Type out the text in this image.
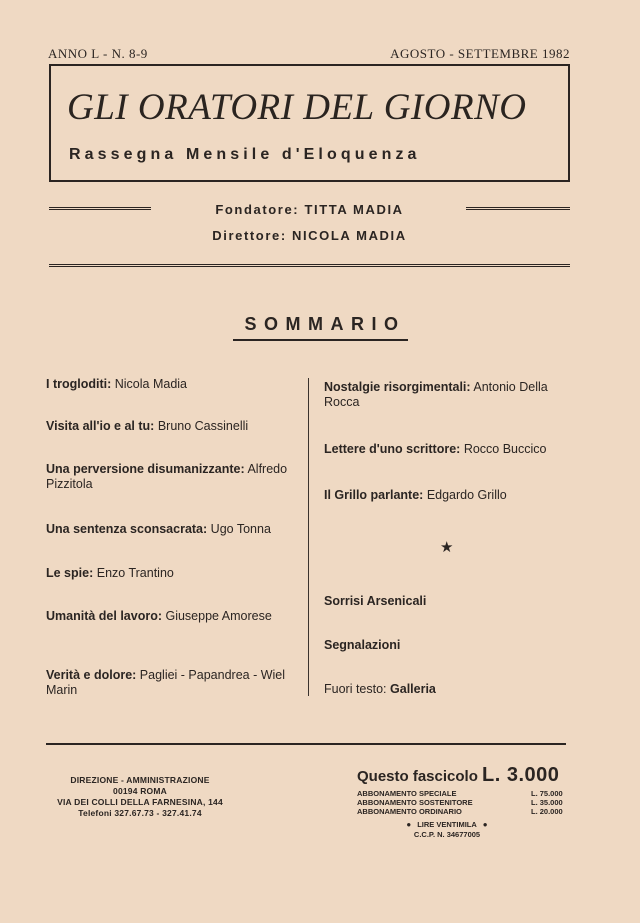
ANNO L - N. 8-9	AGOSTO - SETTEMBRE 1982
GLI ORATORI DEL GIORNO
Rassegna Mensile d'Eloquenza
Fondatore: TITTA MADIA
Direttore: NICOLA MADIA
SOMMARIO
I trogloditi: Nicola Madia
Visita all'io e al tu: Bruno Cassinelli
Una perversione disumanizzante: Alfredo Pizzitola
Una sentenza sconsacrata: Ugo Tonna
Le spie: Enzo Trantino
Umanità del lavoro: Giuseppe Amorese
Verità e dolore: Pagliei - Papandrea - Wiel Marin
Nostalgie risorgimentali: Antonio Della Rocca
Lettere d'uno scrittore: Rocco Buccico
Il Grillo parlante: Edgardo Grillo
★
Sorrisi Arsenicali
Segnalazioni
Fuori testo: Galleria
DIREZIONE - AMMINISTRAZIONE
00194 ROMA
VIA DEI COLLI DELLA FARNESINA, 144
Telefoni 327.67.73 - 327.41.74
Questo fascicolo L. 3.000
ABBONAMENTO SPECIALE	L. 75.000
ABBONAMENTO SOSTENITORE	L. 35.000
ABBONAMENTO ORDINARIO	L. 20.000
● LIRE VENTIMILA ●
C.C.P. N. 34677005
